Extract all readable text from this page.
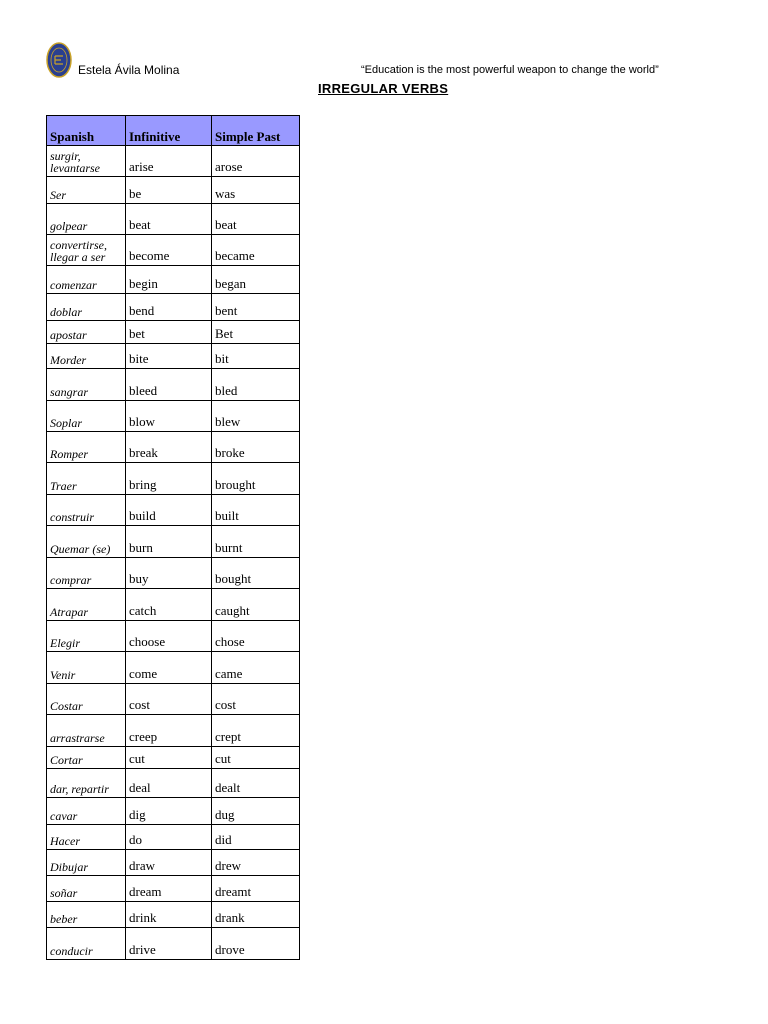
Estela Ávila Molina	“Education is the most powerful weapon to change the world”
IRREGULAR VERBS
Spanish	Infinitive	Simple Past
surgir, levantarse	arise	arose
Ser	be	was
golpear	beat	beat
convertirse, llegar a ser	become	became
comenzar	begin	began
doblar	bend	bent
apostar	bet	Bet
Morder	bite	bit
sangrar	bleed	bled
Soplar	blow	blew
Romper	break	broke
Traer	bring	brought
construir	build	built
Quemar (se)	burn	burnt
comprar	buy	bought
Atrapar	catch	caught
Elegir	choose	chose
Venir	come	came
Costar	cost	cost
arrastrarse	creep	crept
Cortar	cut	cut
dar, repartir	deal	dealt
cavar	dig	dug
Hacer	do	did
Dibujar	draw	drew
soñar	dream	dreamt
beber	drink	drank
conducir	drive	drove
